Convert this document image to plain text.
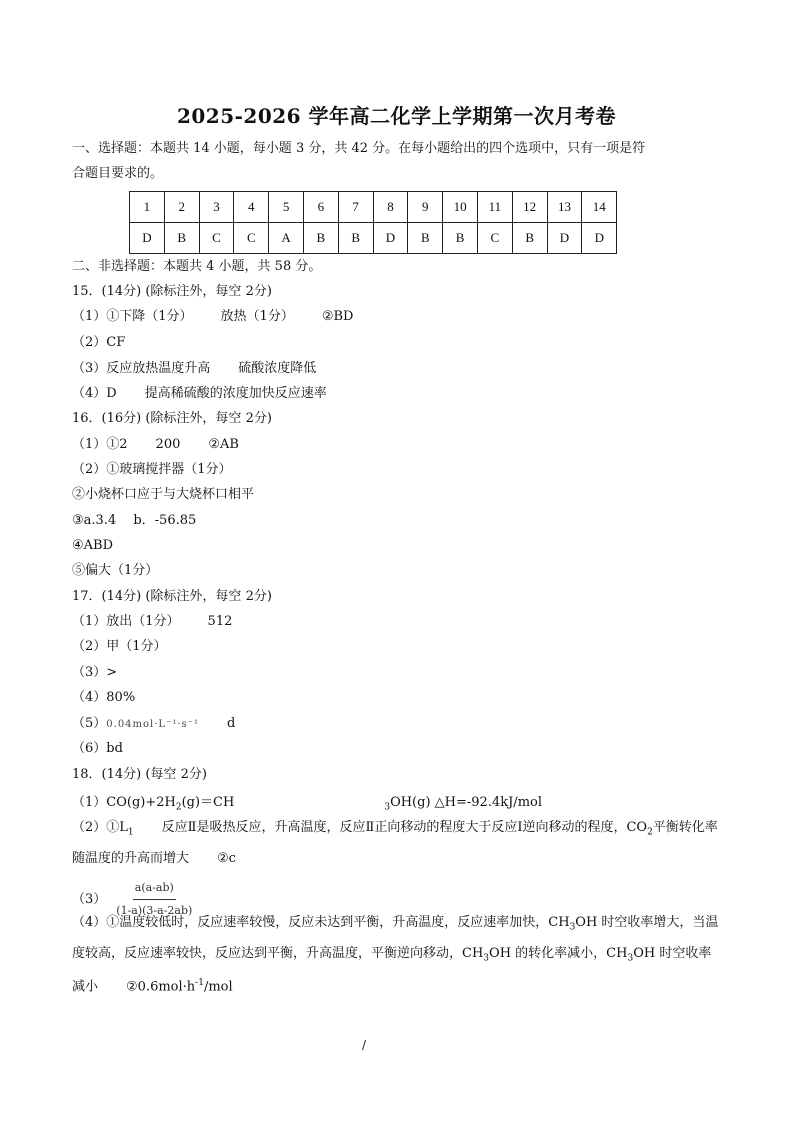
2025-2026 学年高二化学上学期第一次月考卷
一、选择题：本题共 14 小题，每小题 3 分，共 42 分。在每小题给出的四个选项中，只有一项是符
合题目要求的。
1	2	3	4	5	6	7	8	9	10	11	12	13	14
D	B	C	C	A	B	B	D	B	B	C	B	D	D
二、非选择题：本题共 4 小题，共 58 分。
15．(14分) (除标注外，每空 2分)
（1）①下降（1分） 放热（1分） ②BD
（2）CF
（3）反应放热温度升高 硫酸浓度降低
（4）D 提高稀硫酸的浓度加快反应速率
16．(16分) (除标注外，每空 2分)
（1）①2 200 ②AB
（2）①玻璃搅拌器（1分）
②小烧杯口应于与大烧杯口相平
③a.3.4　 b．-56.85
④ABD
⑤偏大（1分）
17．(14分) (除标注外，每空 2分)
（1）放出（1分） 512
（2）甲（1分）
（3）>
（4）80%
（5）0.04mol·L⁻¹·s⁻¹ d
（6）bd
18．(14分) (每空 2分)
$(1)CO(g)+2H_2(g)=CH$	$_3$OH(g) △H=-92.4kJ/mol
$(2)①L_1$ 反应Ⅱ是吸热反应，升高温度，反应Ⅱ正向移动的程度大于反应Ⅰ逆向移动的程度，$CO_2$平衡转化率随温度的升高而增大 ②c
$(3) \frac{a(a-ab)}{(1-a)(3-a-2ab)}$
（4）①温度较低时，反应速率较慢，反应未达到平衡，升高温度，反应速率加快，$CH_3OH$ 时空收率增大，当温度较高，反应速率较快，反应达到平衡，升高温度，平衡逆向移动，$CH_3OH$ 的转化率减小，$CH_3OH$ 时空收率减小 $②0.6mol\cdot h^{-1}$/mol
/
